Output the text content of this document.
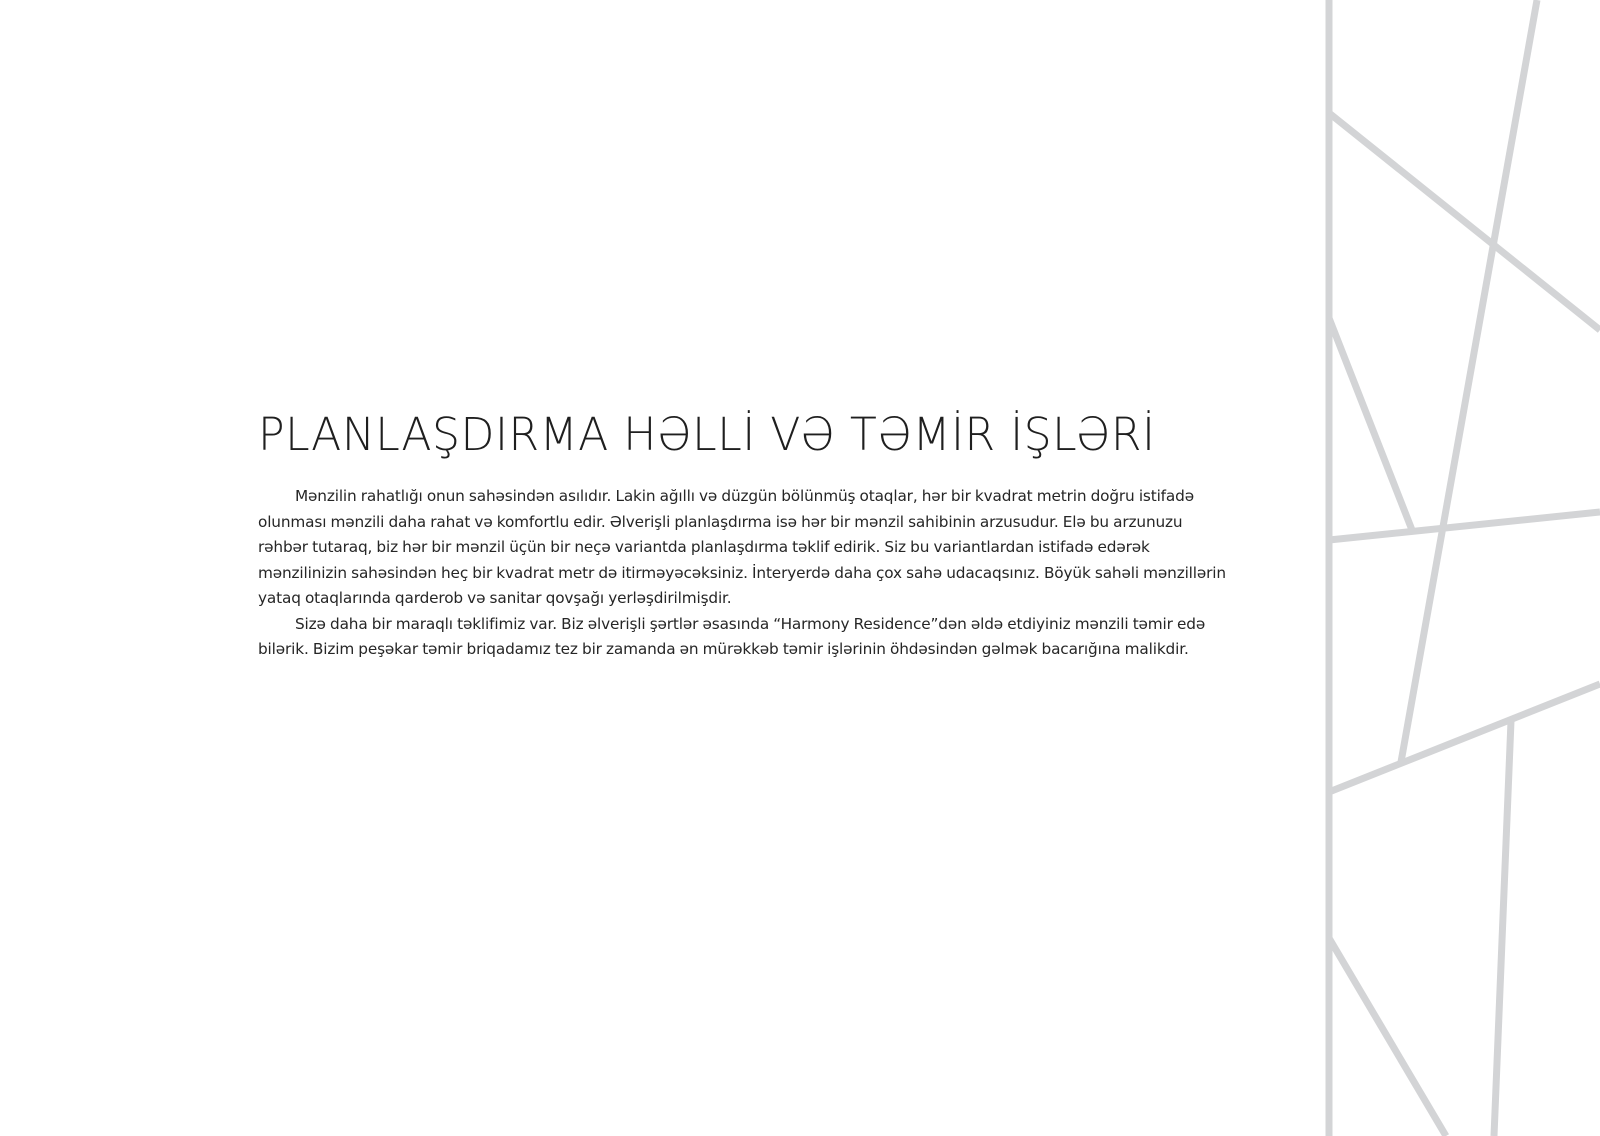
PLANLAŞDIRMA HƏLLİ VƏ TƏMİR İŞLƏRİ

Mənzilin rahatlığı onun sahəsindən asılıdır. Lakin ağıllı və düzgün bölünmüş otaqlar, hər bir kvadrat metrin doğru istifadə olunması mənzili daha rahat və komfortlu edir. Əlverişli planlaşdırma isə hər bir mənzil sahibinin arzusudur. Elə bu arzunuzu rəhbər tutaraq, biz hər bir mənzil üçün bir neçə variantda planlaşdırma təklif edirik. Siz bu variantlardan istifadə edərək mənzilinizin sahəsindən heç bir kvadrat metr də itirməyəcəksiniz. İnteryerdə daha çox sahə udacaqsınız. Böyük sahəli mənzillərin yataq otaqlarında qarderob və sanitar qovşağı yerləşdirilmişdir.

Sizə daha bir maraqlı təklifimiz var. Biz əlverişli şərtlər əsasında “Harmony Residence”dən əldə etdiyiniz mənzili təmir edə bilərik. Bizim peşəkar təmir briqadamız tez bir zamanda ən mürəkkəb təmir işlərinin öhdəsindən gəlmək bacarığına malikdir.
